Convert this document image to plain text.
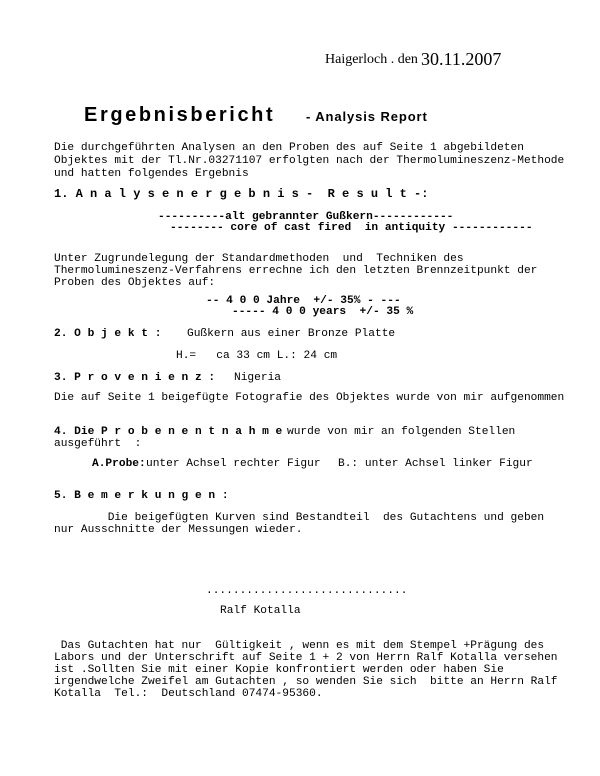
Haigerloch . den 30.11.2007
Ergebnisbericht - Analysis Report
Die durchgeführten Analysen an den Proben des auf Seite 1 abgebildeten
Objektes mit der Tl.Nr.03271107 erfolgten nach der Thermolumineszenz-Methode
und hatten folgendes Ergebnis
1. A n a l y s e n e r g e b n i s -  R e s u l t -:
----------alt gebrannter Gußkern------------
-------- core of cast fired  in antiquity ------------
Unter Zugrundelegung der Standardmethoden  und  Techniken des
Thermolumineszenz-Verfahrens errechne ich den letzten Brennzeitpunkt der
Proben des Objektes auf:
-- 4 0 0 Jahre  +/- 35% - ---
----- 4 0 0 years  +/- 35 %
2. O b j e k t : Gußkern aus einer Bronze Platte
H.=   ca 33 cm L.: 24 cm
3. P r o v e n i e n z : Nigeria
Die auf Seite 1 beigefügte Fotografie des Objektes wurde von mir aufgenommen
4. Die P r o b e n e n t n a h m e wurde von mir an folgenden Stellen
ausgeführt  :
A.Probe: unter Achsel rechter Figur B.: unter Achsel linker Figur
5. B e m e r k u n g e n :
Die beigefügten Kurven sind Bestandteil  des Gutachtens und geben
nur Ausschnitte der Messungen wieder.
..............................
Ralf Kotalla
Das Gutachten hat nur  Gültigkeit , wenn es mit dem Stempel +Prägung des
Labors und der Unterschrift auf Seite 1 + 2 von Herrn Ralf Kotalla versehen
ist .Sollten Sie mit einer Kopie konfrontiert werden oder haben Sie
irgendwelche Zweifel am Gutachten , so wenden Sie sich  bitte an Herrn Ralf
Kotalla  Tel.:  Deutschland 07474-95360.
